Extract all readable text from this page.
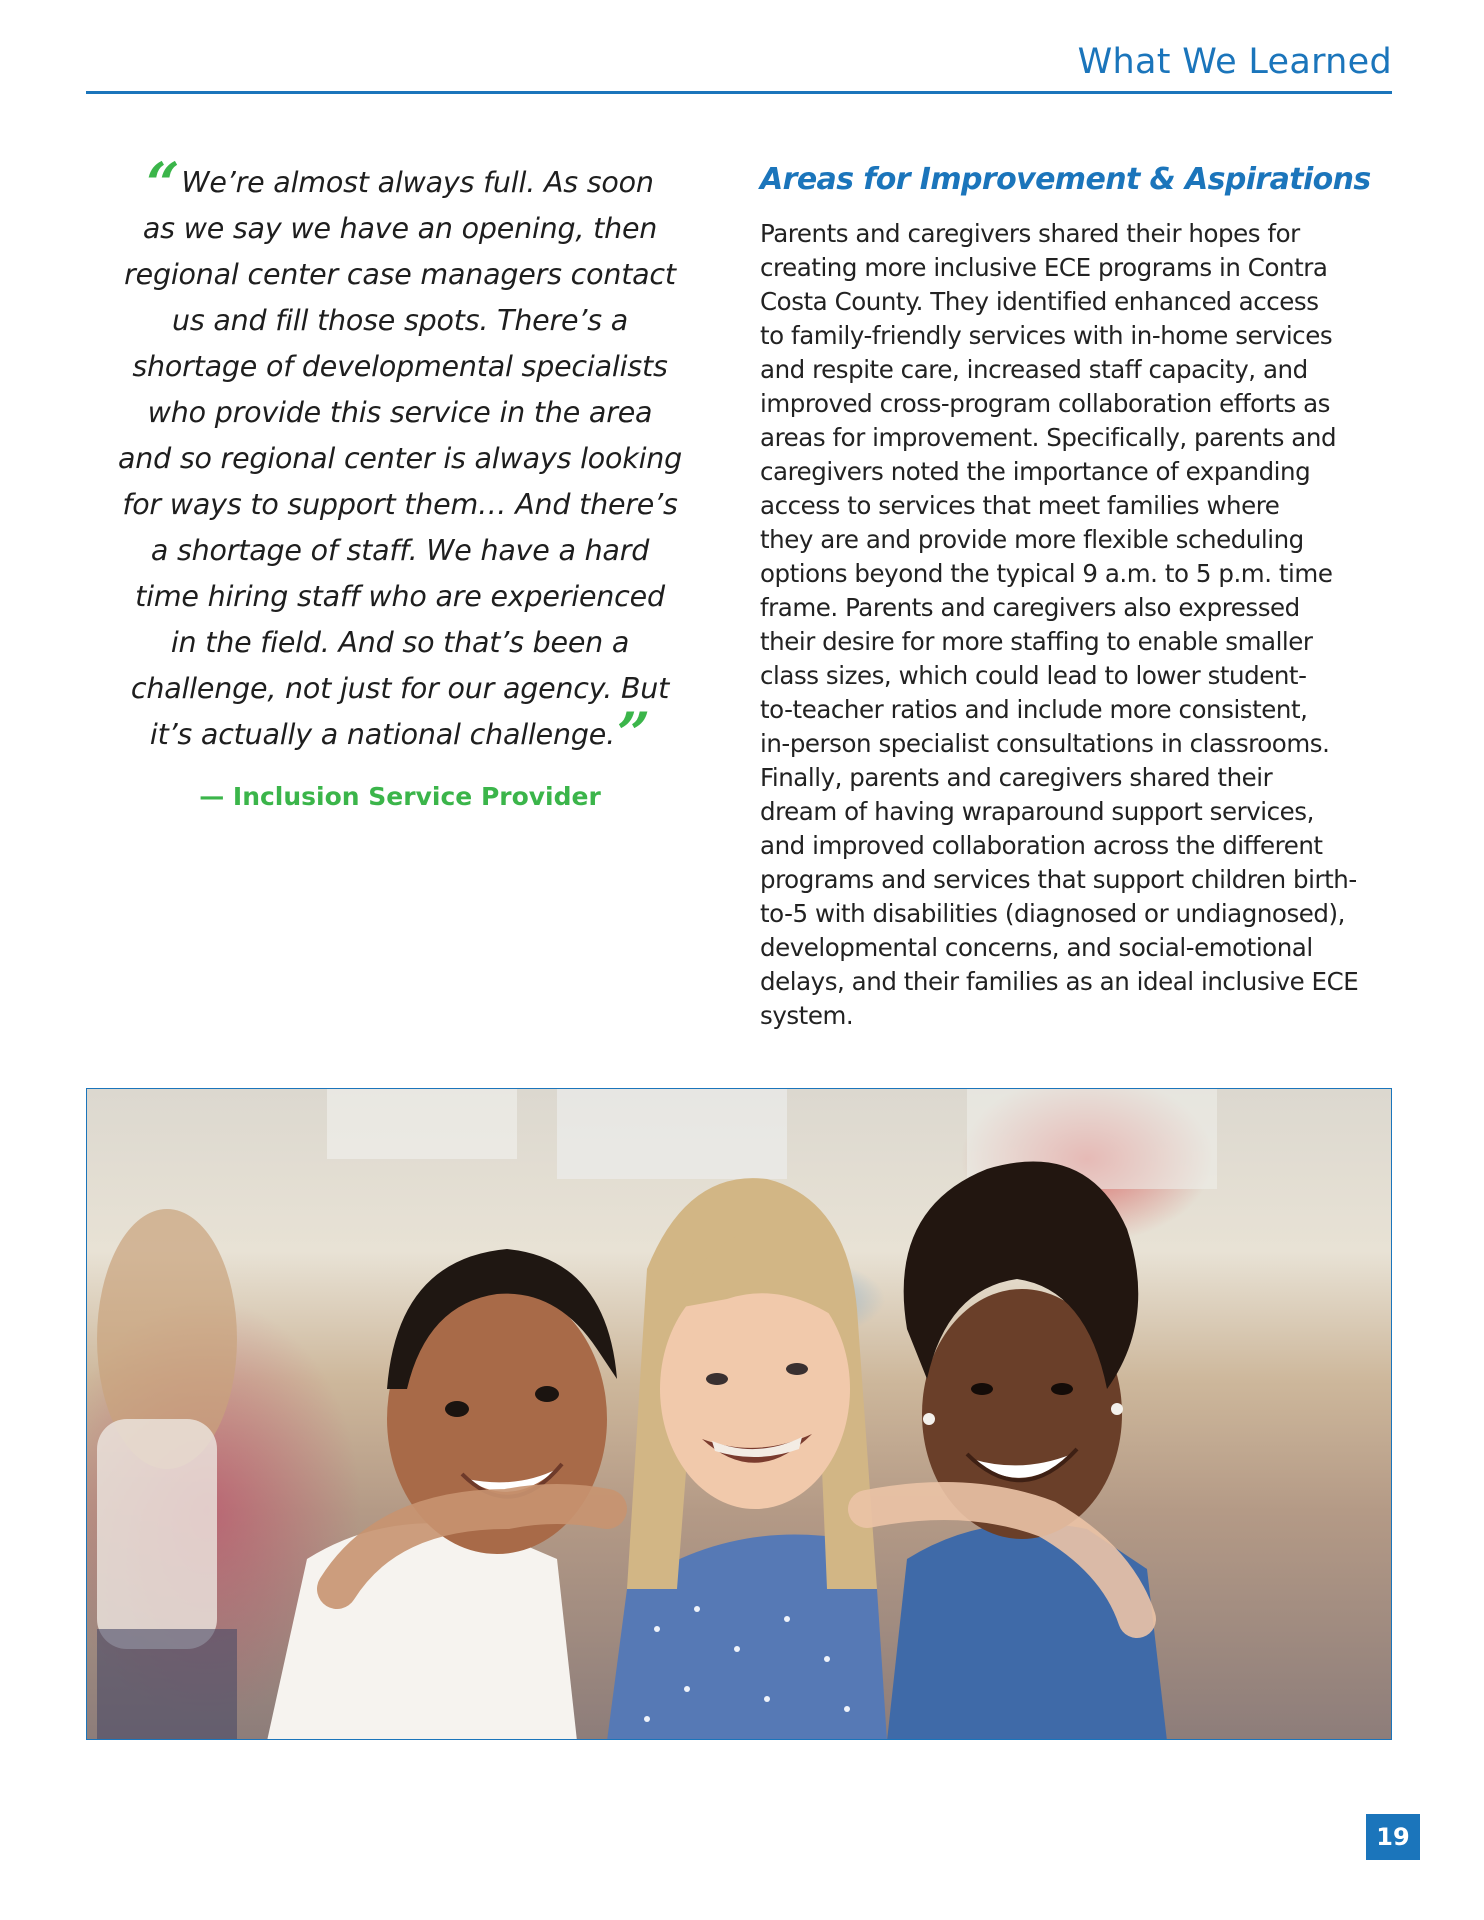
What We Learned
“We’re almost always full. As soon
as we say we have an opening, then
regional center case managers contact
us and fill those spots. There’s a
shortage of developmental specialists
who provide this service in the area
and so regional center is always looking
for ways to support them… And there’s
a shortage of staff. We have a hard
time hiring staff who are experienced
in the field. And so that’s been a
challenge, not just for our agency. But
it’s actually a national challenge.”
— Inclusion Service Provider
Areas for Improvement & Aspirations

Parents and caregivers shared their hopes for
creating more inclusive ECE programs in Contra
Costa County. They identified enhanced access
to family-friendly services with in-home services
and respite care, increased staff capacity, and
improved cross-program collaboration efforts as
areas for improvement. Specifically, parents and
caregivers noted the importance of expanding
access to services that meet families where
they are and provide more flexible scheduling
options beyond the typical 9 a.m. to 5 p.m. time
frame. Parents and caregivers also expressed
their desire for more staffing to enable smaller
class sizes, which could lead to lower student-
to-teacher ratios and include more consistent,
in-person specialist consultations in classrooms.
Finally, parents and caregivers shared their
dream of having wraparound support services,
and improved collaboration across the different
programs and services that support children birth-
to-5 with disabilities (diagnosed or undiagnosed),
developmental concerns, and social-emotional
delays, and their families as an ideal inclusive ECE
system.

19
